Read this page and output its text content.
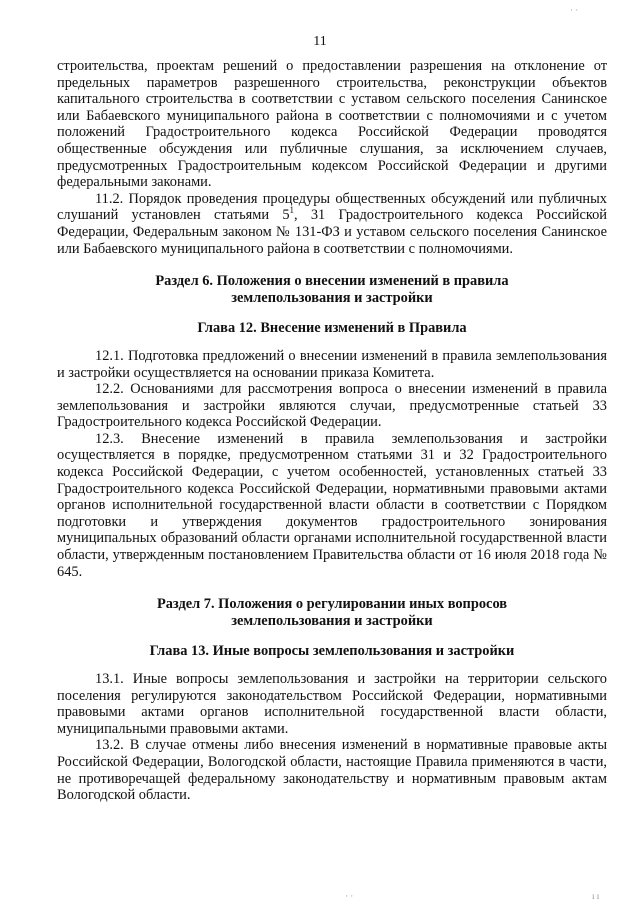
11

строительства, проектам решений о предоставлении разрешения на отклонение от предельных параметров разрешенного строительства, реконструкции объектов капитального строительства в соответствии с уставом сельского поселения Санинское или Бабаевского муниципального района в соответствии с полномочиями и с учетом положений Градостроительного кодекса Российской Федерации проводятся общественные обсуждения или публичные слушания, за исключением случаев, предусмотренных Градостроительным кодексом Российской Федерации и другими федеральными законами.

11.2. Порядок проведения процедуры общественных обсуждений или публичных слушаний установлен статьями $5^1$, 31 Градостроительного кодекса Российской Федерации, Федеральным законом № 131-ФЗ и уставом сельского поселения Санинское или Бабаевского муниципального района в соответствии с полномочиями.

Раздел 6. Положения о внесении изменений в правила
землепользования и застройки

Глава 12. Внесение изменений в Правила

12.1. Подготовка предложений о внесении изменений в правила землепользования и застройки осуществляется на основании приказа Комитета.

12.2. Основаниями для рассмотрения вопроса о внесении изменений в правила землепользования и застройки являются случаи, предусмотренные статьей 33 Градостроительного кодекса Российской Федерации.

12.3. Внесение изменений в правила землепользования и застройки осуществляется в порядке, предусмотренном статьями 31 и 32 Градостроительного кодекса Российской Федерации, с учетом особенностей, установленных статьей 33 Градостроительного кодекса Российской Федерации, нормативными правовыми актами органов исполнительной государственной власти области в соответствии с Порядком подготовки и утверждения документов градостроительного зонирования муниципальных образований области органами исполнительной государственной власти области, утвержденным постановлением Правительства области от 16 июля 2018 года № 645.

Раздел 7. Положения о регулировании иных вопросов
землепользования и застройки

Глава 13. Иные вопросы землепользования и застройки

13.1. Иные вопросы землепользования и застройки на территории сельского поселения регулируются законодательством Российской Федерации, нормативными правовыми актами органов исполнительной государственной власти области, муниципальными правовыми актами.

13.2. В случае отмены либо внесения изменений в нормативные правовые акты Российской Федерации, Вологодской области, настоящие Правила применяются в части, не противоречащей федеральному законодательству и нормативным правовым актам Вологодской области.

· ·
· ·	ı ı
